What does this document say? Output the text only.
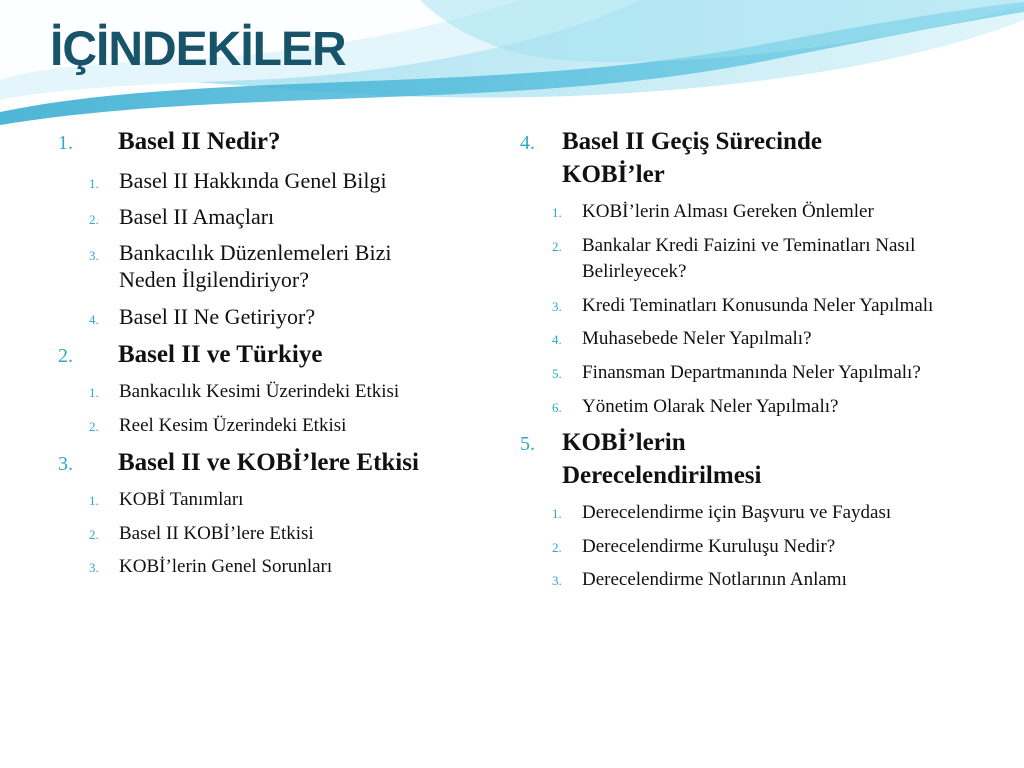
İÇİNDEKİLER
1.	Basel II Nedir?
1. Basel II Hakkında Genel Bilgi
2. Basel II Amaçları
3. Bankacılık Düzenlemeleri Bizi Neden İlgilendiriyor?
4. Basel II Ne Getiriyor?
2.	Basel II ve Türkiye
1.	Bankacılık Kesimi Üzerindeki Etkisi
2.	Reel Kesim Üzerindeki Etkisi
3.	Basel II ve KOBİ’lere Etkisi
1.	KOBİ Tanımları
2.	Basel II KOBİ’lere Etkisi
3.	KOBİ’lerin Genel Sorunları
4.	Basel II Geçiş Sürecinde KOBİ’ler
1.	KOBİ’lerin Alması Gereken Önlemler
2.	Bankalar Kredi Faizini ve Teminatları Nasıl Belirleyecek?
3.	Kredi Teminatları Konusunda Neler Yapılmalı
4.	Muhasebede Neler Yapılmalı?
5.	Finansman Departmanında Neler Yapılmalı?
6.	Yönetim Olarak Neler Yapılmalı?
5.	KOBİ’lerin Derecelendirilmesi
1.	Derecelendirme için Başvuru ve Faydası
2.	Derecelendirme Kuruluşu Nedir?
3.	Derecelendirme Notlarının Anlamı
